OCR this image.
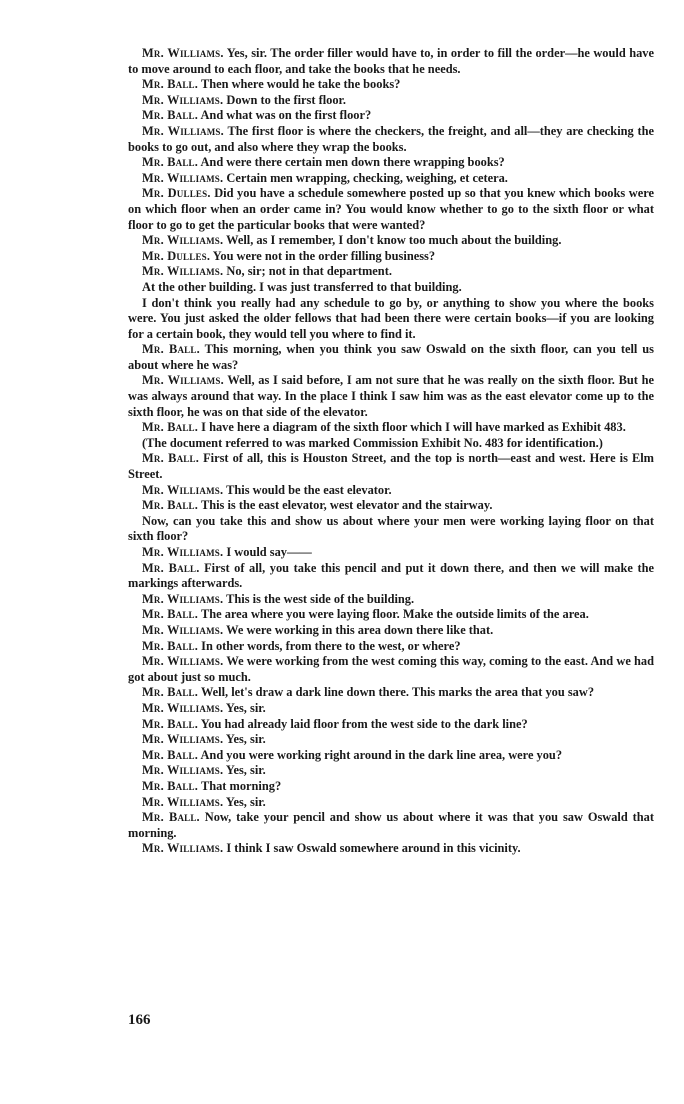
Mr. Williams. Yes, sir. The order filler would have to, in order to fill the order—he would have to move around to each floor, and take the books that he needs.

Mr. Ball. Then where would he take the books?

Mr. Williams. Down to the first floor.

Mr. Ball. And what was on the first floor?

Mr. Williams. The first floor is where the checkers, the freight, and all—they are checking the books to go out, and also where they wrap the books.

Mr. Ball. And were there certain men down there wrapping books?

Mr. Williams. Certain men wrapping, checking, weighing, et cetera.

Mr. Dulles. Did you have a schedule somewhere posted up so that you knew which books were on which floor when an order came in? You would know whether to go to the sixth floor or what floor to go to get the particular books that were wanted?

Mr. Williams. Well, as I remember, I don't know too much about the building.

Mr. Dulles. You were not in the order filling business?

Mr. Williams. No, sir; not in that department.

At the other building. I was just transferred to that building.

I don't think you really had any schedule to go by, or anything to show you where the books were. You just asked the older fellows that had been there were certain books—if you are looking for a certain book, they would tell you where to find it.

Mr. Ball. This morning, when you think you saw Oswald on the sixth floor, can you tell us about where he was?

Mr. Williams. Well, as I said before, I am not sure that he was really on the sixth floor. But he was always around that way. In the place I think I saw him was as the east elevator come up to the sixth floor, he was on that side of the elevator.

Mr. Ball. I have here a diagram of the sixth floor which I will have marked as Exhibit 483.

(The document referred to was marked Commission Exhibit No. 483 for identification.)

Mr. Ball. First of all, this is Houston Street, and the top is north—east and west. Here is Elm Street.

Mr. Williams. This would be the east elevator.

Mr. Ball. This is the east elevator, west elevator and the stairway.

Now, can you take this and show us about where your men were working laying floor on that sixth floor?

Mr. Williams. I would say——

Mr. Ball. First of all, you take this pencil and put it down there, and then we will make the markings afterwards.

Mr. Williams. This is the west side of the building.

Mr. Ball. The area where you were laying floor. Make the outside limits of the area.

Mr. Williams. We were working in this area down there like that.

Mr. Ball. In other words, from there to the west, or where?

Mr. Williams. We were working from the west coming this way, coming to the east. And we had got about just so much.

Mr. Ball. Well, let's draw a dark line down there. This marks the area that you saw?

Mr. Williams. Yes, sir.

Mr. Ball. You had already laid floor from the west side to the dark line?

Mr. Williams. Yes, sir.

Mr. Ball. And you were working right around in the dark line area, were you?

Mr. Williams. Yes, sir.

Mr. Ball. That morning?

Mr. Williams. Yes, sir.

Mr. Ball. Now, take your pencil and show us about where it was that you saw Oswald that morning.

Mr. Williams. I think I saw Oswald somewhere around in this vicinity.

166
